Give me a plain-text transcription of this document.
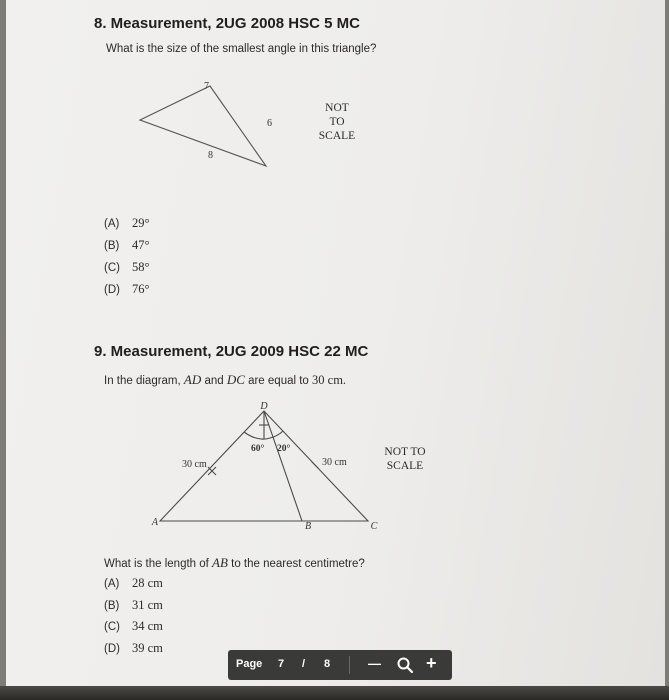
8. Measurement, 2UG 2008 HSC 5 MC
What is the size of the smallest angle in this triangle?
7
6
8
NOT
TO
SCALE
(A) 29°
(B) 47°
(C) 58°
(D) 76°
9. Measurement, 2UG 2009 HSC 22 MC
In the diagram, AD and DC are equal to 30 cm.
D
A	B	C
60° 20°
30 cm	30 cm
NOT TO
SCALE
What is the length of AB to the nearest centimetre?
(A) 28 cm
(B) 31 cm
(C) 34 cm
(D) 39 cm
Page 7 / 8	—	+
